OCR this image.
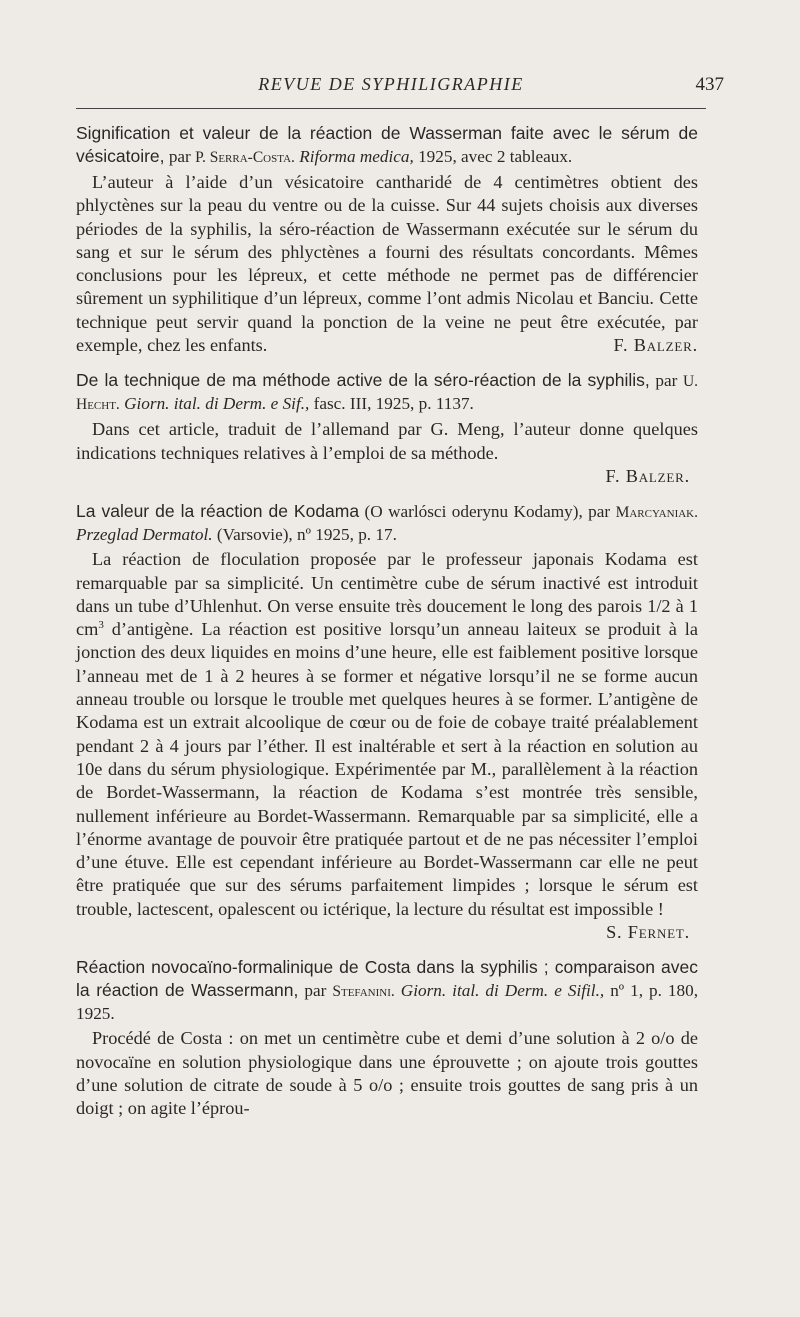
REVUE DE SYPHILIGRAPHIE	437
Signification et valeur de la réaction de Wasserman faite avec le sérum de vésicatoire, par P. Serra-Costa. Riforma medica, 1925, avec 2 tableaux.

L’auteur à l’aide d’un vésicatoire cantharidé de 4 centimètres obtient des phlyctènes sur la peau du ventre ou de la cuisse. Sur 44 sujets choisis aux diverses périodes de la syphilis, la séro-réaction de Wassermann exécutée sur le sérum du sang et sur le sérum des phlyctènes a fourni des résultats concordants. Mêmes conclusions pour les lépreux, et cette méthode ne permet pas de différencier sûrement un syphilitique d’un lépreux, comme l’ont admis Nicolau et Banciu. Cette technique peut servir quand la ponction de la veine ne peut être exécutée, par exemple, chez les enfants.	F. Balzer.

De la technique de ma méthode active de la séro-réaction de la syphilis, par U. Hecht. Giorn. ital. di Derm. e Sif., fasc. III, 1925, p. 1137.

Dans cet article, traduit de l’allemand par G. Meng, l’auteur donne quelques indications techniques relatives à l’emploi de sa méthode.

F. Balzer.
La valeur de la réaction de Kodama (O warlósci oderynu Kodamy), par Marcyaniak. Przeglad Dermatol. (Varsovie), nº 1925, p. 17.

La réaction de floculation proposée par le professeur japonais Kodama est remarquable par sa simplicité. Un centimètre cube de sérum inactivé est introduit dans un tube d’Uhlenhut. On verse ensuite très doucement le long des parois 1/2 à 1 $cm^3$ d’antigène. La réaction est positive lorsqu’un anneau laiteux se produit à la jonction des deux liquides en moins d’une heure, elle est faiblement positive lorsque l’anneau met de 1 à 2 heures à se former et négative lorsqu’il ne se forme aucun anneau trouble ou lorsque le trouble met quelques heures à se former. L’antigène de Kodama est un extrait alcoolique de cœur ou de foie de cobaye traité préalablement pendant 2 à 4 jours par l’éther. Il est inaltérable et sert à la réaction en solution au 10e dans du sérum physiologique. Expérimentée par M., parallèlement à la réaction de Bordet-Wassermann, la réaction de Kodama s’est montrée très sensible, nullement inférieure au Bordet-Wassermann. Remarquable par sa simplicité, elle a l’énorme avantage de pouvoir être pratiquée partout et de ne pas nécessiter l’emploi d’une étuve. Elle est cependant inférieure au Bordet-Wassermann car elle ne peut être pratiquée que sur des sérums parfaitement limpides ; lorsque le sérum est trouble, lactescent, opalescent ou ictérique, la lecture du résultat est impossible !

S. Fernet.
Réaction novocaïno-formalinique de Costa dans la syphilis ; comparaison avec la réaction de Wassermann, par Stefanini. Giorn. ital. di Derm. e Sifil., nº 1, p. 180, 1925.

Procédé de Costa : on met un centimètre cube et demi d’une solution à 2 o/o de novocaïne en solution physiologique dans une éprouvette ; on ajoute trois gouttes d’une solution de citrate de soude à 5 o/o ; ensuite trois gouttes de sang pris à un doigt ; on agite l’éprou-
